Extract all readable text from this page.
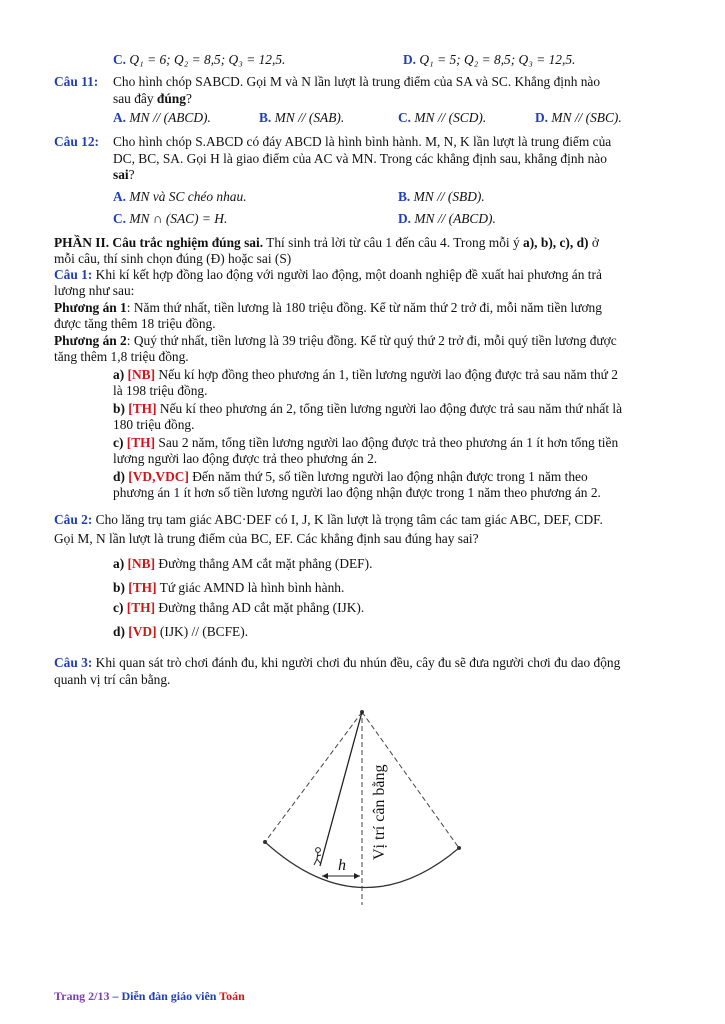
C. Q₁ = 6; Q₂ = 8,5; Q₃ = 12,5.	D. Q₁ = 5; Q₂ = 8,5; Q₃ = 12,5.
Câu 11: Cho hình chóp SABCD. Gọi M và N lần lượt là trung điểm của SA và SC. Khẳng định nào
sau đây đúng?
A. MN // (ABCD).	B. MN // (SAB).	C. MN // (SCD).	D. MN // (SBC).
Câu 12: Cho hình chóp S.ABCD có đáy ABCD là hình bình hành. M, N, K lần lượt là trung điểm của
DC, BC, SA. Gọi H là giao điểm của AC và MN. Trong các khẳng định sau, khẳng định nào
sai?
A. MN và SC chéo nhau.	B. MN // (SBD).
C. MN ∩ (SAC) = H.	D. MN // (ABCD).
PHẦN II. Câu trắc nghiệm đúng sai. Thí sinh trả lời từ câu 1 đến câu 4. Trong mỗi ý a), b), c), d) ở
mỗi câu, thí sinh chọn đúng (Đ) hoặc sai (S)
Câu 1: Khi kí kết hợp đồng lao động với người lao động, một doanh nghiệp đề xuất hai phương án trả
lương như sau:
Phương án 1: Năm thứ nhất, tiền lương là 180 triệu đồng. Kể từ năm thứ 2 trở đi, mỗi năm tiền lương
được tăng thêm 18 triệu đồng.
Phương án 2: Quý thứ nhất, tiền lương là 39 triệu đồng. Kể từ quý thứ 2 trở đi, mỗi quý tiền lương được
tăng thêm 1,8 triệu đồng.
a) [NB] Nếu kí hợp đồng theo phương án 1, tiền lương người lao động được trả sau năm thứ 2
là 198 triệu đồng.
b) [TH] Nếu kí theo phương án 2, tổng tiền lương người lao động được trả sau năm thứ nhất là
180 triệu đồng.
c) [TH] Sau 2 năm, tổng tiền lương người lao động được trả theo phương án 1 ít hơn tổng tiền
lương người lao động được trả theo phương án 2.
d) [VD,VDC] Đến năm thứ 5, số tiền lương người lao động nhận được trong 1 năm theo
phương án 1 ít hơn số tiền lương người lao động nhận được trong 1 năm theo phương án 2.
Câu 2: Cho lăng trụ tam giác ABC·DEF có I, J, K lần lượt là trọng tâm các tam giác ABC, DEF, CDF.
Gọi M, N lần lượt là trung điểm của BC, EF. Các khẳng định sau đúng hay sai?
a) [NB] Đường thẳng AM cắt mặt phẳng (DEF).
b) [TH] Tứ giác AMND là hình bình hành.
c) [TH] Đường thẳng AD cắt mặt phẳng (IJK).
d) [VD] (IJK) // (BCFE).
Câu 3: Khi quan sát trò chơi đánh đu, khi người chơi đu nhún đều, cây đu sẽ đưa người chơi đu dao động
quanh vị trí cân bằng.
h
Vị trí cân bằng
Trang 2/13 – Diễn đàn giáo viên Toán
